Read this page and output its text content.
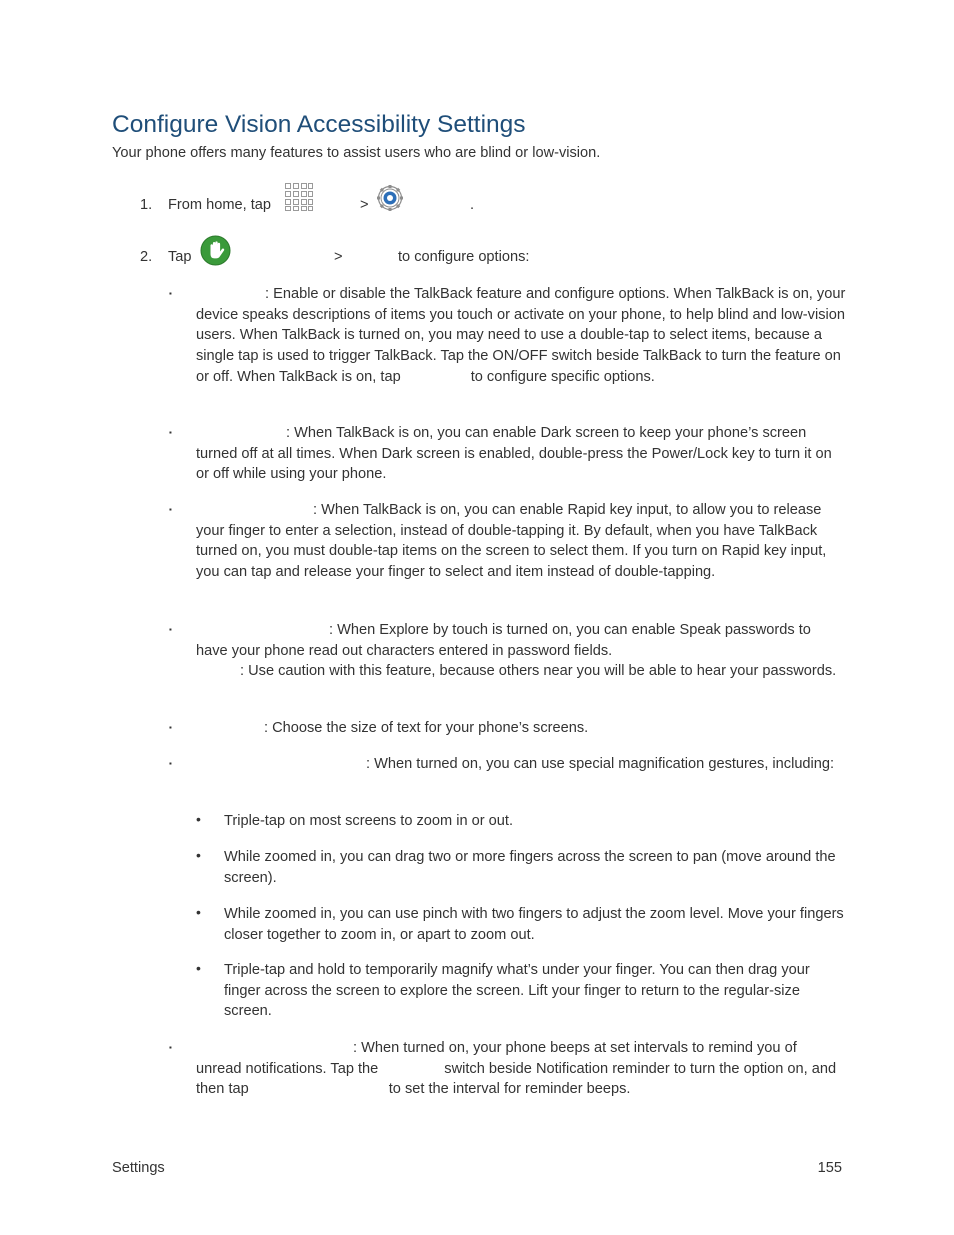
Configure Vision Accessibility Settings

Your phone offers many features to assist users who are blind or low-vision.

1. From home, tap	>	.
2. Tap	>	to configure options:
▪	: Enable or disable the TalkBack feature and configure options. When TalkBack is on, your device speaks descriptions of items you touch or activate on your phone, to help blind and low-vision users. When TalkBack is turned on, you may need to use a double-tap to select items, because a single tap is used to trigger TalkBack. Tap the ON/OFF switch beside TalkBack to turn the feature on or off. When TalkBack is on, tap	to configure specific options.

▪	: When TalkBack is on, you can enable Dark screen to keep your phone’s screen turned off at all times. When Dark screen is enabled, double-press the Power/Lock key to turn it on or off while using your phone.

▪	: When TalkBack is on, you can enable Rapid key input, to allow you to release your finger to enter a selection, instead of double-tapping it. By default, when you have TalkBack turned on, you must double-tap items on the screen to select them. If you turn on Rapid key input, you can tap and release your finger to select and item instead of double-tapping.

▪	: When Explore by touch is turned on, you can enable Speak passwords to have your phone read out characters entered in password fields.
: Use caution with this feature, because others near you will be able to hear your passwords.

▪	: Choose the size of text for your phone’s screens.

▪	: When turned on, you can use special magnification gestures, including:

• Triple-tap on most screens to zoom in or out.

• While zoomed in, you can drag two or more fingers across the screen to pan (move around the screen).

• While zoomed in, you can use pinch with two fingers to adjust the zoom level. Move your fingers closer together to zoom in, or apart to zoom out.

• Triple-tap and hold to temporarily magnify what’s under your finger. You can then drag your finger across the screen to explore the screen. Lift your finger to return to the regular-size screen.

▪	: When turned on, your phone beeps at set intervals to remind you of unread notifications. Tap the	switch beside Notification reminder to turn the option on, and then tap	to set the interval for reminder beeps.

Settings	155
